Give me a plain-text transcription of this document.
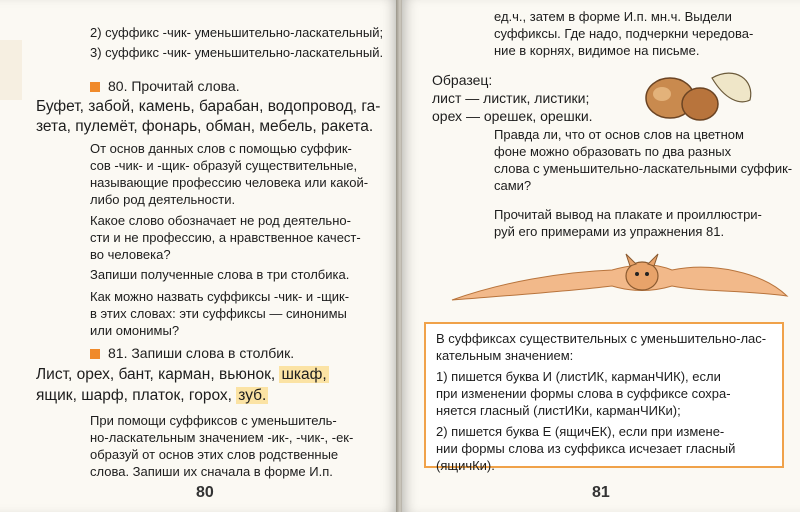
2) суффикс -чик- уменьшительно-ласкательный;
3) суффикс -чик- уменьшительно-ласкательный.
80. Прочитай слова.
Буфет, забой, камень, барабан, водопровод, га-
зета, пулемёт, фонарь, обман, мебель, ракета.
От основ данных слов с помощью суффик-
сов -чик- и -щик- образуй существительные,
называющие профессию человека или какой-
либо род деятельности.
Какое слово обозначает не род деятельно-
сти и не профессию, а нравственное качест-
во человека?
Запиши полученные слова в три столбика.
Как можно назвать суффиксы -чик- и -щик-
в этих словах: эти суффиксы — синонимы
или омонимы?
81. Запиши слова в столбик.
Лист, орех, бант, карман, вьюнок, шкаф,
ящик, шарф, платок, горох, зуб.
При помощи суффиксов с уменьшитель-
но-ласкательным значением -ик-, -чик-, -ек-
образуй от основ этих слов родственные
слова. Запиши их сначала в форме И.п.
80
ед.ч., затем в форме И.п. мн.ч. Выдели
суффиксы. Где надо, подчеркни чередова-
ние в корнях, видимое на письме.
Образец:
лист — листик, листики;
орех — орешек, орешки.
Правда ли, что от основ слов на цветном
фоне можно образовать по два разных
слова с уменьшительно-ласкательными суффик-
сами?
Прочитай вывод на плакате и проиллюстри-
руй его примерами из упражнения 81.
В суффиксах существительных с уменьшительно-лас-
кательным значением:
1) пишется буква И (листИК, карманЧИК), если
при изменении формы слова в суффиксе сохра-
няется гласный (листИКи, карманЧИКи);
2) пишется буква Е (ящичЕК), если при измене-
нии формы слова из суффикса исчезает гласный
(ящичКи).
81
